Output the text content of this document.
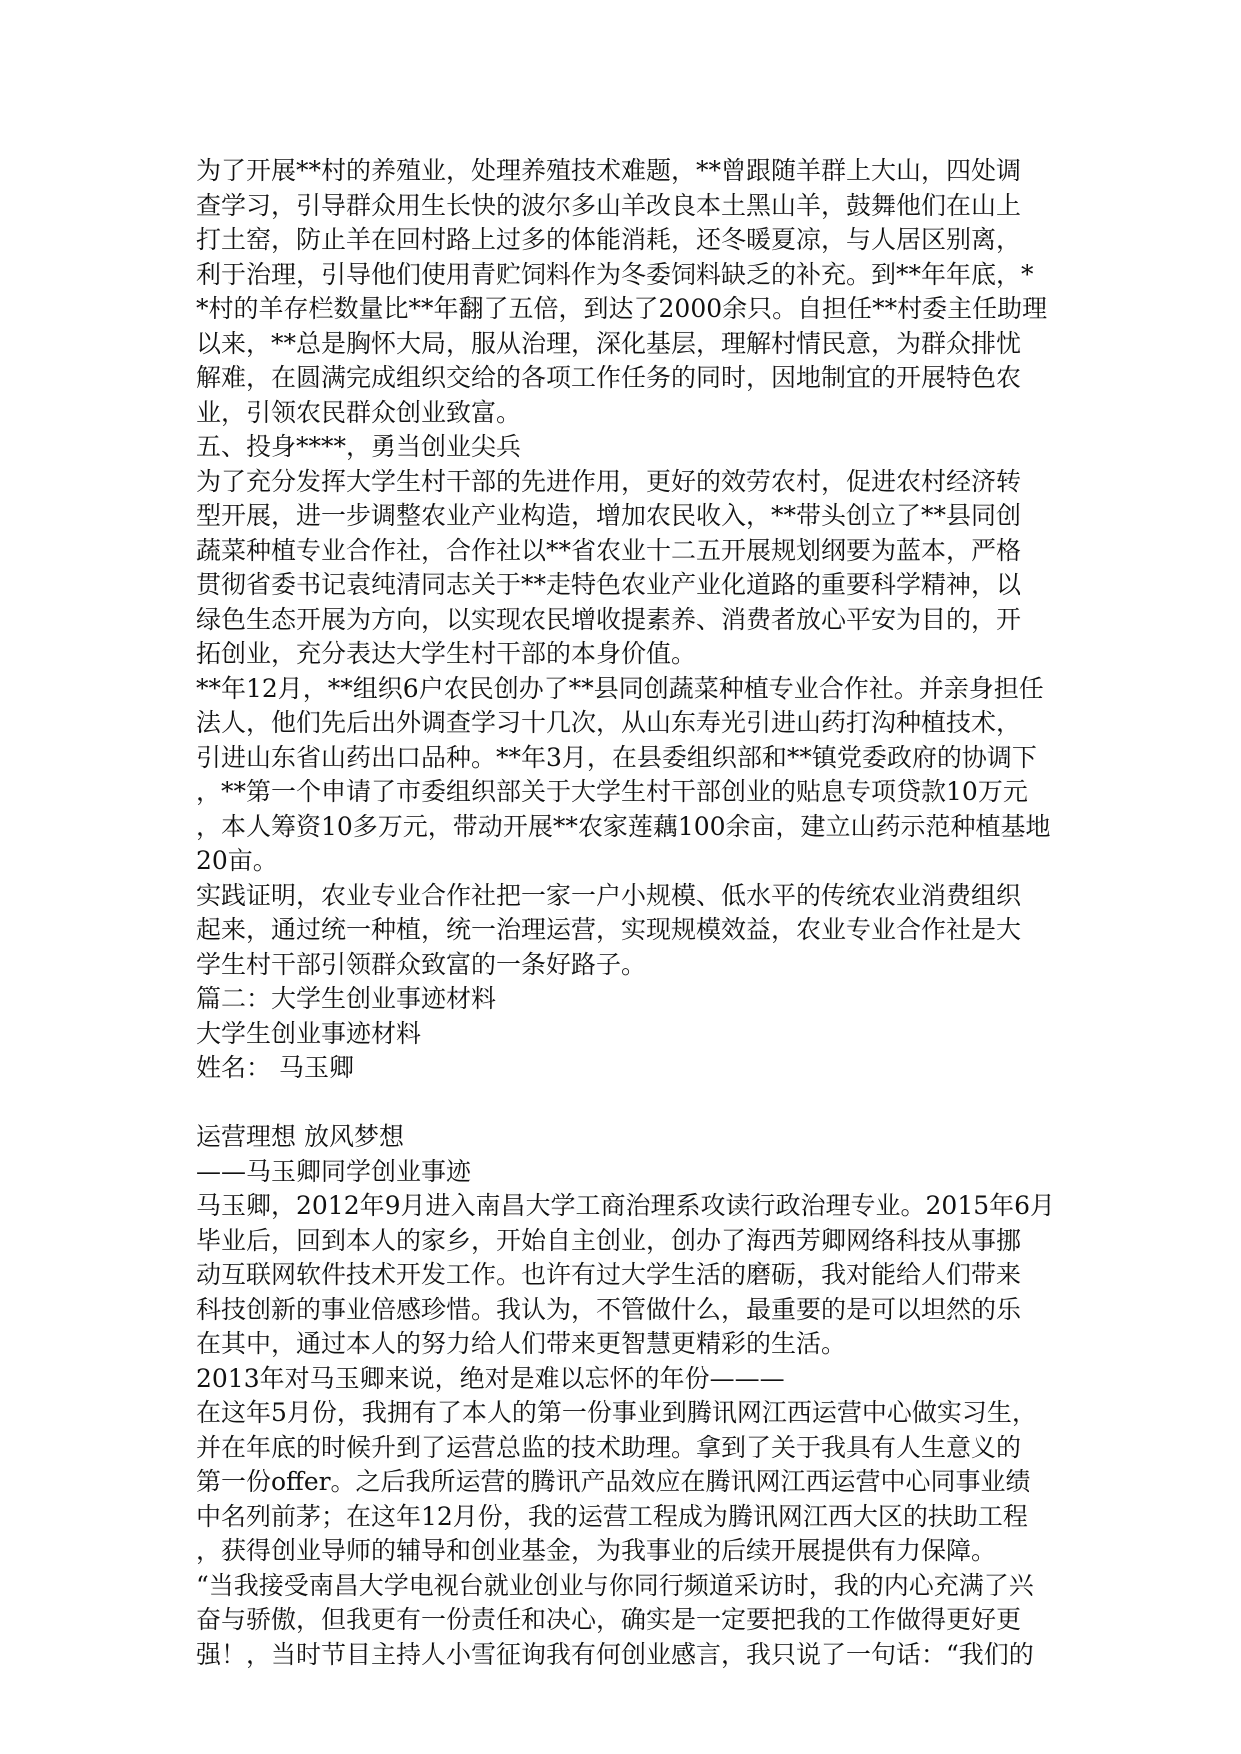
为了开展**村的养殖业，处理养殖技术难题，**曾跟随羊群上大山，四处调
查学习，引导群众用生长快的波尔多山羊改良本土黑山羊，鼓舞他们在山上
打土窑，防止羊在回村路上过多的体能消耗，还冬暖夏凉，与人居区别离，
利于治理，引导他们使用青贮饲料作为冬委饲料缺乏的补充。到**年年底，*
*村的羊存栏数量比**年翻了五倍，到达了2000余只。自担任**村委主任助理
以来，**总是胸怀大局，服从治理，深化基层，理解村情民意，为群众排忧
解难，在圆满完成组织交给的各项工作任务的同时，因地制宜的开展特色农
业，引领农民群众创业致富。
五、投身****，勇当创业尖兵
为了充分发挥大学生村干部的先进作用，更好的效劳农村，促进农村经济转
型开展，进一步调整农业产业构造，增加农民收入，**带头创立了**县同创
蔬菜种植专业合作社，合作社以**省农业十二五开展规划纲要为蓝本，严格
贯彻省委书记袁纯清同志关于**走特色农业产业化道路的重要科学精神，以
绿色生态开展为方向，以实现农民增收提素养、消费者放心平安为目的，开
拓创业，充分表达大学生村干部的本身价值。
**年12月，**组织6户农民创办了**县同创蔬菜种植专业合作社。并亲身担任
法人，他们先后出外调查学习十几次，从山东寿光引进山药打沟种植技术，
引进山东省山药出口品种。**年3月，在县委组织部和**镇党委政府的协调下
，**第一个申请了市委组织部关于大学生村干部创业的贴息专项贷款10万元
，本人筹资10多万元，带动开展**农家莲藕100余亩，建立山药示范种植基地
20亩。
实践证明，农业专业合作社把一家一户小规模、低水平的传统农业消费组织
起来，通过统一种植，统一治理运营，实现规模效益，农业专业合作社是大
学生村干部引领群众致富的一条好路子。
篇二：大学生创业事迹材料
大学生创业事迹材料
姓名： 马玉卿
运营理想 放风梦想
——马玉卿同学创业事迹
马玉卿，2012年9月进入南昌大学工商治理系攻读行政治理专业。2015年6月
毕业后，回到本人的家乡，开始自主创业，创办了海西芳卿网络科技从事挪
动互联网软件技术开发工作。也许有过大学生活的磨砺，我对能给人们带来
科技创新的事业倍感珍惜。我认为，不管做什么，最重要的是可以坦然的乐
在其中，通过本人的努力给人们带来更智慧更精彩的生活。
2013年对马玉卿来说，绝对是难以忘怀的年份———
在这年5月份，我拥有了本人的第一份事业到腾讯网江西运营中心做实习生，
并在年底的时候升到了运营总监的技术助理。拿到了关于我具有人生意义的
第一份offer。之后我所运营的腾讯产品效应在腾讯网江西运营中心同事业绩
中名列前茅；在这年12月份，我的运营工程成为腾讯网江西大区的扶助工程
，获得创业导师的辅导和创业基金，为我事业的后续开展提供有力保障。
“当我接受南昌大学电视台就业创业与你同行频道采访时，我的内心充满了兴
奋与骄傲，但我更有一份责任和决心，确实是一定要把我的工作做得更好更
强！，当时节目主持人小雪征询我有何创业感言，我只说了一句话：“我们的
